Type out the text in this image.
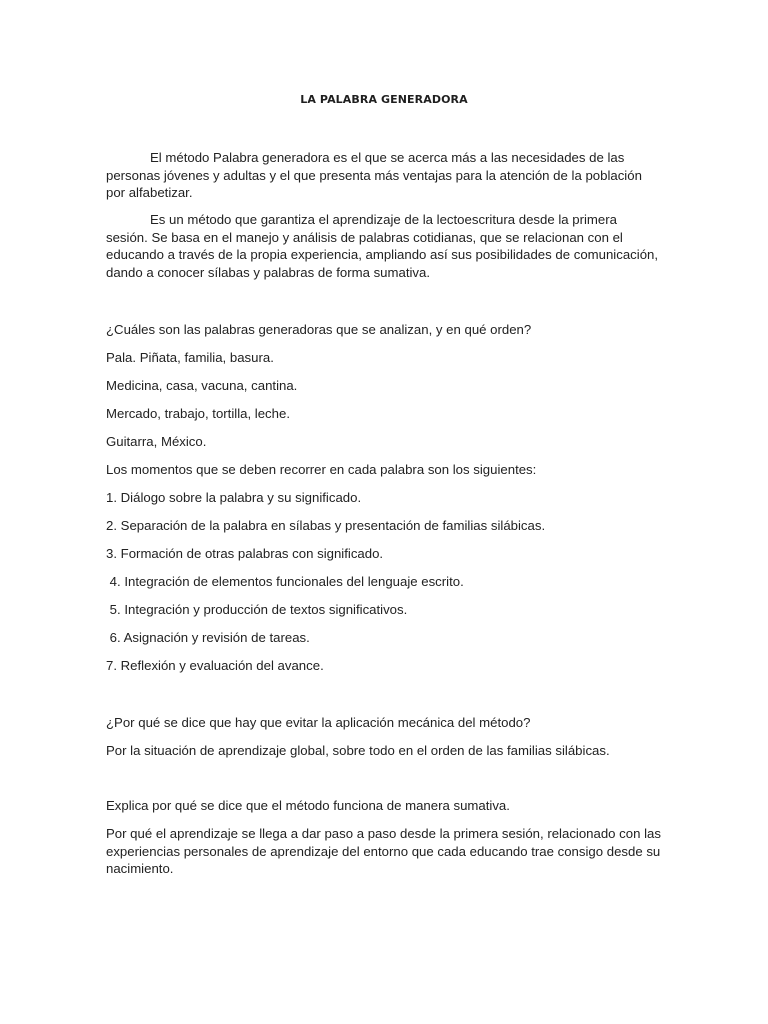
LA PALABRA GENERADORA

El método Palabra generadora es el que se acerca más a las necesidades de las personas jóvenes y adultas y el que presenta más ventajas para la atención de la población por alfabetizar.

Es un método que garantiza el aprendizaje de la lectoescritura desde la primera sesión. Se basa en el manejo y análisis de palabras cotidianas, que se relacionan con el educando a través de la propia experiencia, ampliando así sus posibilidades de comunicación, dando a conocer sílabas y palabras de forma sumativa.

¿Cuáles son las palabras generadoras que se analizan, y en qué orden?

Pala. Piñata, familia, basura.

Medicina, casa, vacuna, cantina.

Mercado, trabajo, tortilla, leche.

Guitarra, México.

Los momentos que se deben recorrer en cada palabra son los siguientes:

1. Diálogo sobre la palabra y su significado.

2. Separación de la palabra en sílabas y presentación de familias silábicas.

3. Formación de otras palabras con significado.

4. Integración de elementos funcionales del lenguaje escrito.

5. Integración y producción de textos significativos.

6. Asignación y revisión de tareas.

7. Reflexión y evaluación del avance.

¿Por qué se dice que hay que evitar la aplicación mecánica del método?

Por la situación de aprendizaje global, sobre todo en el orden de las familias silábicas.

Explica por qué se dice que el método funciona de manera sumativa.

Por qué el aprendizaje se llega a dar paso a paso desde la primera sesión, relacionado con las experiencias personales de aprendizaje del entorno que cada educando trae consigo desde su nacimiento.
